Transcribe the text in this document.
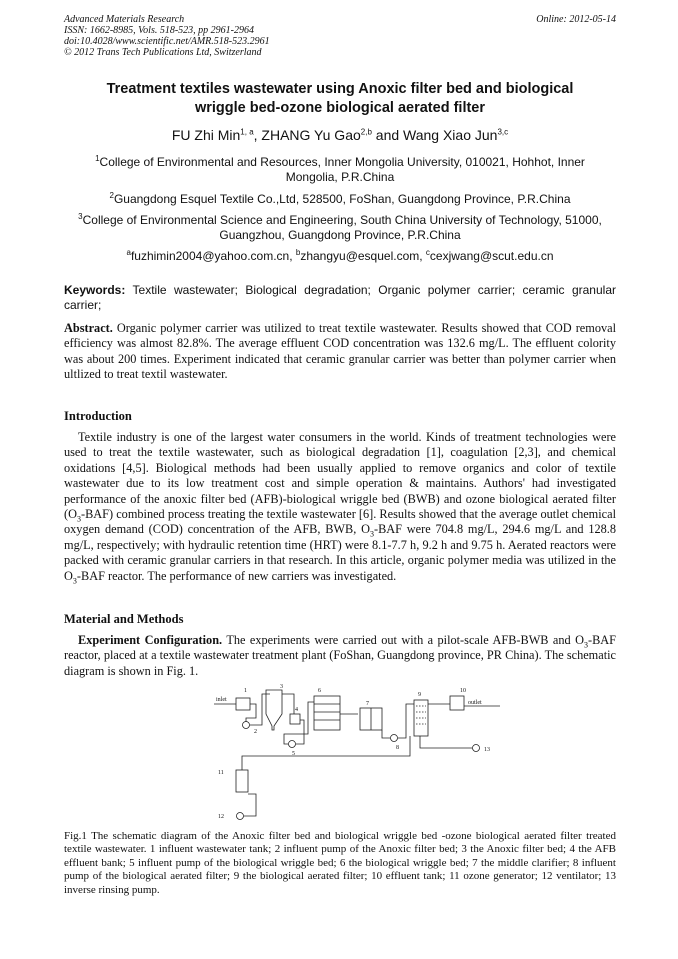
Advanced Materials Research
ISSN: 1662-8985, Vols. 518-523, pp 2961-2964
doi:10.4028/www.scientific.net/AMR.518-523.2961
© 2012 Trans Tech Publications Ltd, Switzerland
Online: 2012-05-14
Treatment textiles wastewater using Anoxic filter bed and biological
wriggle bed-ozone biological aerated filter
FU Zhi Min$^{1, a}$, ZHANG Yu Gao$^{2,b}$ and Wang Xiao Jun$^{3,c}$
$^1$College of Environmental and Resources, Inner Mongolia University, 010021, Hohhot, Inner
Mongolia, P.R.China
$^2$Guangdong Esquel Textile Co.,Ltd, 528500, FoShan, Guangdong Province, P.R.China
$^3$College of Environmental Science and Engineering, South China University of Technology, 51000,
Guangzhou, Guangdong Province, P.R.China
$^a$fuzhimin2004@yahoo.com.cn, $^b$zhangyu@esquel.com, $^c$cexjwang@scut.edu.cn
Keywords: Textile wastewater; Biological degradation; Organic polymer carrier; ceramic granular carrier;
Abstract. Organic polymer carrier was utilized to treat textile wastewater. Results showed that COD removal efficiency was almost 82.8%. The average effluent COD concentration was 132.6 mg/L. The effluent colority was about 200 times. Experiment indicated that ceramic granular carrier was better than polymer carrier when ultlized to treat textil wastewater.
Introduction
Textile industry is one of the largest water consumers in the world. Kinds of treatment technologies were used to treat the textile wastewater, such as biological degradation [1], coagulation [2,3], and chemical oxidations [4,5]. Biological methods had been usually applied to remove organics and color of textile wastewater due to its low treatment cost and simple operation & maintains. Authors' had investigated performance of the anoxic filter bed (AFB)-biological wriggle bed (BWB) and ozone biological aerated filter $(O_3-BAF)$ combined process treating the textile wastewater [6]. Results showed that the average outlet chemical oxygen demand (COD) concentration of the AFB, BWB, $O_3$-BAF were 704.8 mg/L, 294.6 mg/L and 128.8 mg/L, respectively; with hydraulic retention time (HRT) were 8.1-7.7 h, 9.2 h and 9.75 h. Aerated reactors were packed with ceramic granular carriers in that research. In this article, organic polymer media was utilized in the $O_3$-BAF reactor. The performance of new carriers was investigated.
Material and Methods
Experiment Configuration. The experiments were carried out with a pilot-scale AFB-BWB and $O_3$-BAF reactor, placed at a textile wastewater treatment plant (FoShan, Guangdong province, PR China). The schematic diagram is shown in Fig. 1.
inlet
1
2
3
4
5
6
7
8
9
10
outlet
13
11
12
Fig.1 The schematic diagram of the Anoxic filter bed and biological wriggle bed -ozone biological aerated filter treated textile wastewater. 1 influent wastewater tank; 2 influent pump of the Anoxic filter bed; 3 the Anoxic filter bed; 4 the AFB effluent bank; 5 influent pump of the biological wriggle bed; 6 the biological wriggle bed; 7 the middle clarifier; 8 influent pump of the biological aerated filter; 9 the biological aerated filter; 10 effluent tank; 11 ozone generator; 12 ventilator; 13 inverse rinsing pump.
